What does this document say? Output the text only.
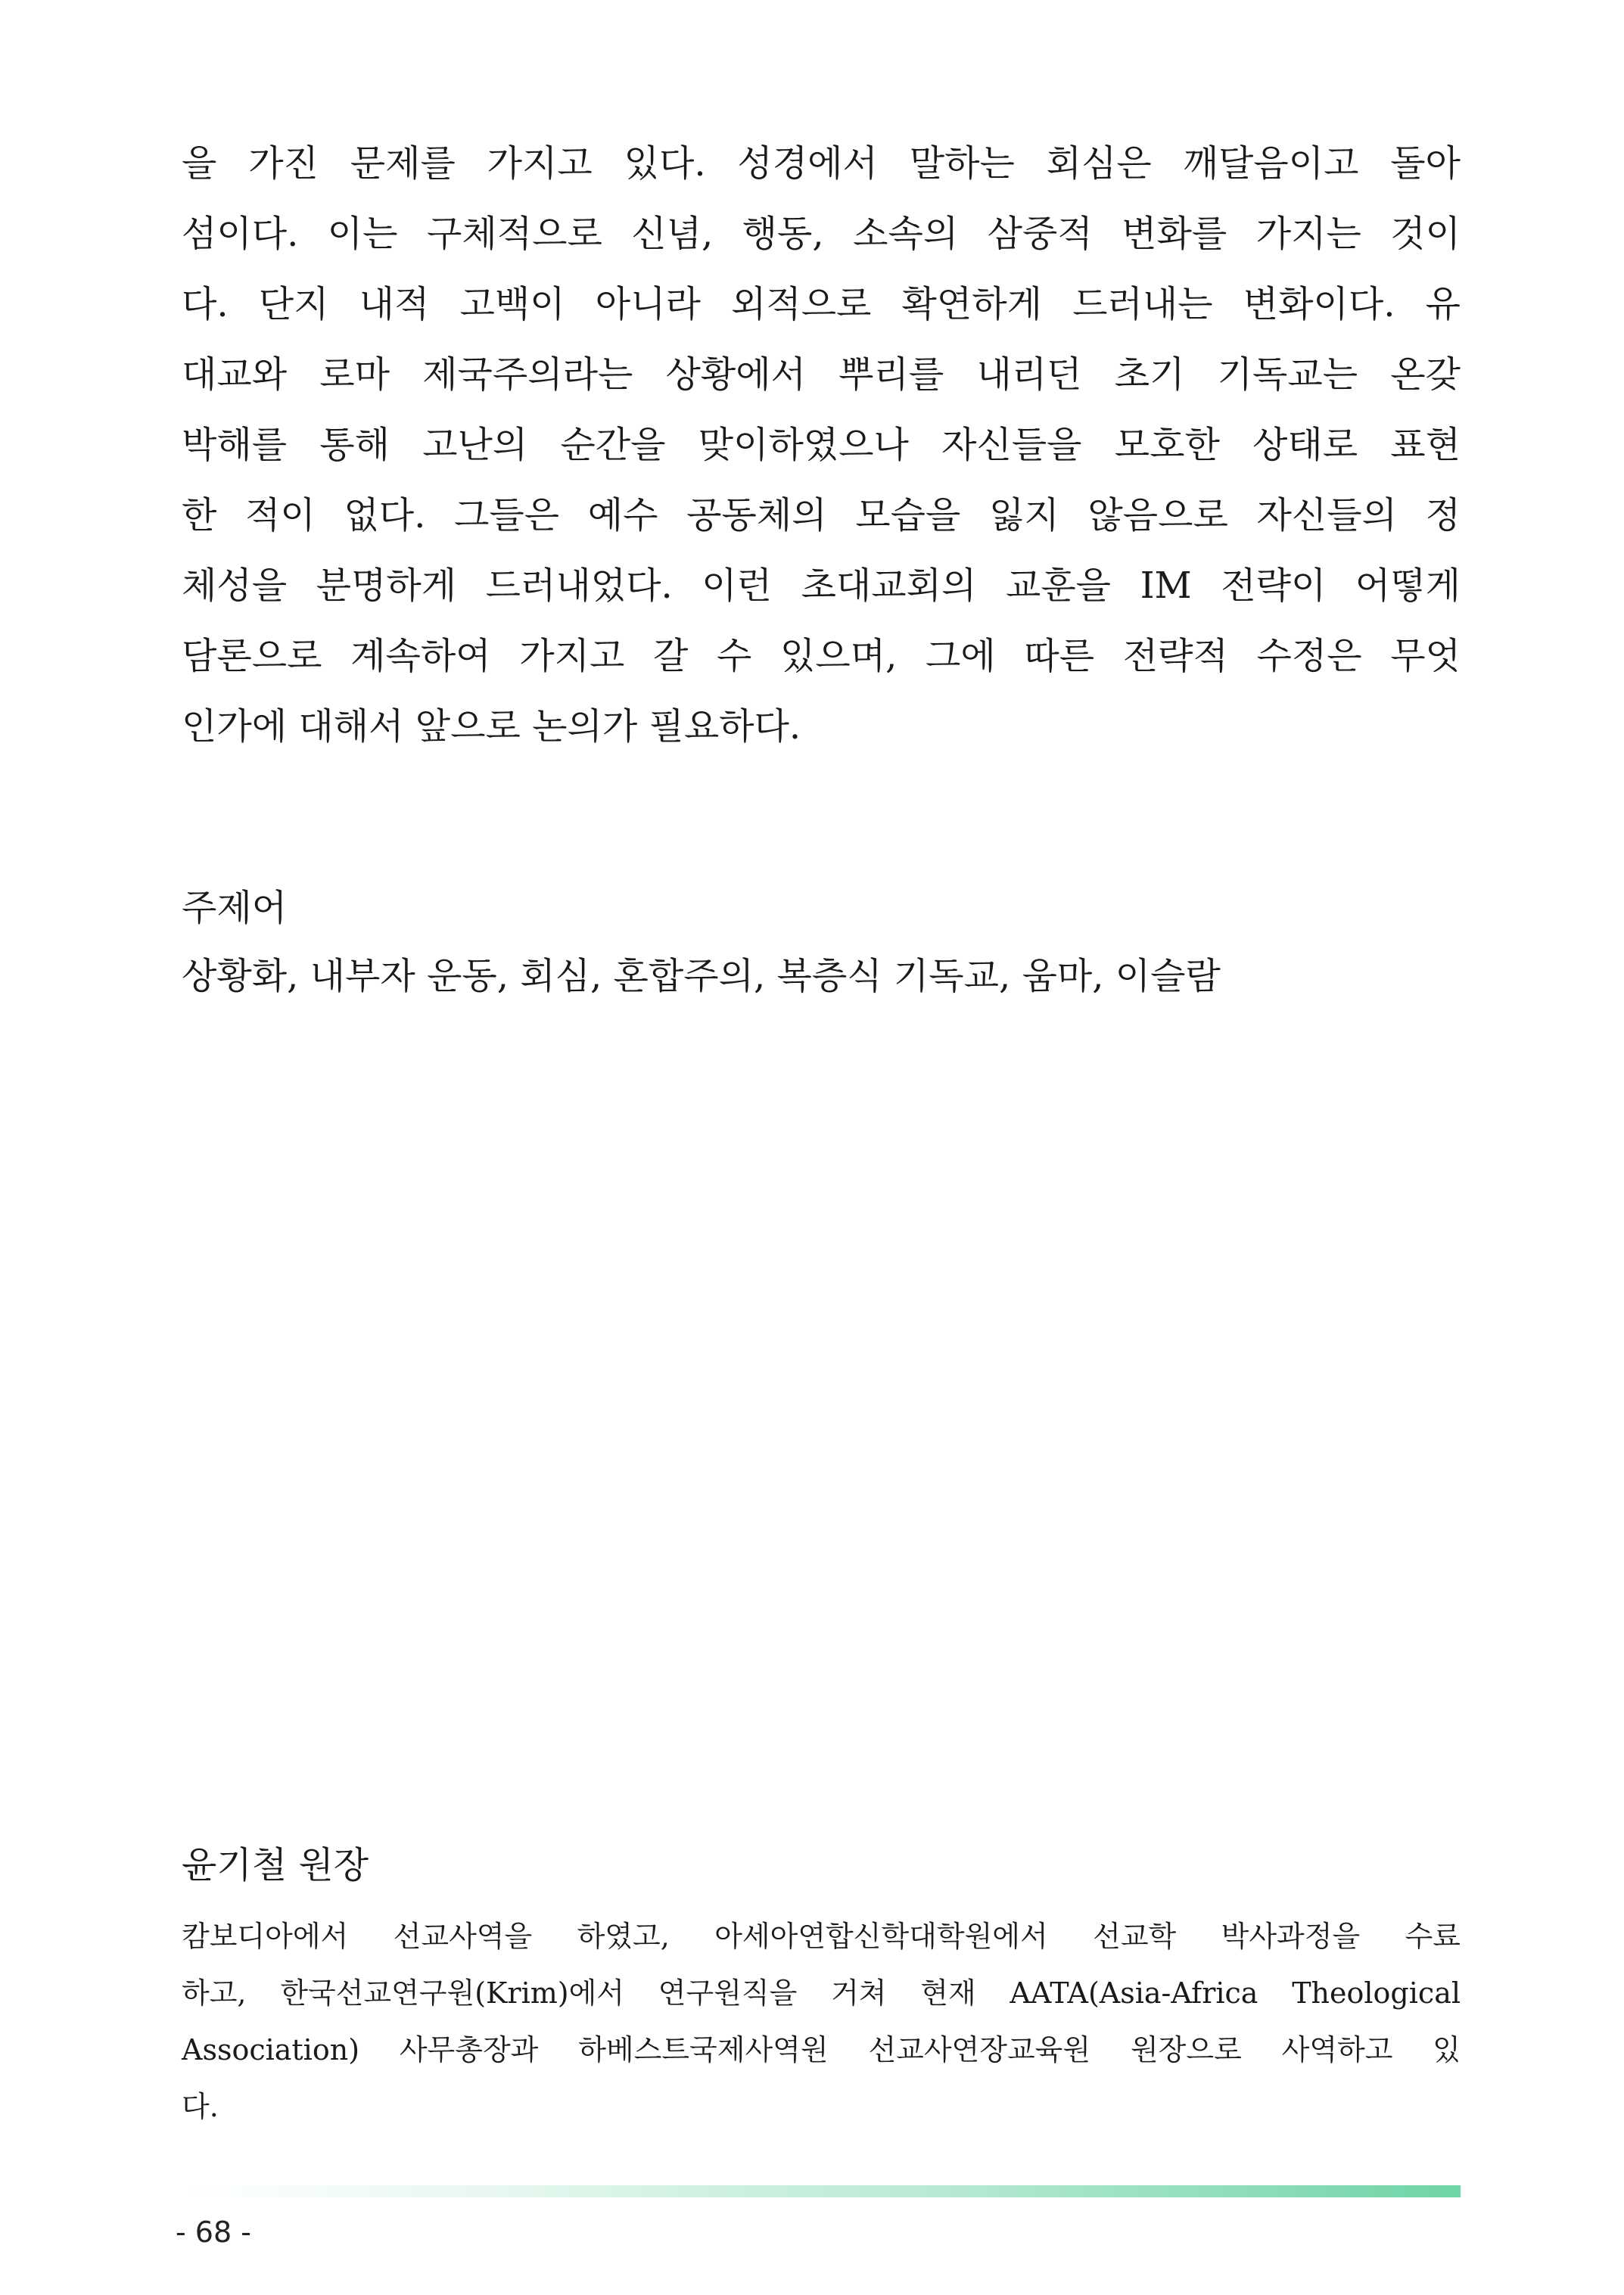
을 가진 문제를 가지고 있다. 성경에서 말하는 회심은 깨달음이고 돌아
섬이다. 이는 구체적으로 신념, 행동, 소속의 삼중적 변화를 가지는 것이
다. 단지 내적 고백이 아니라 외적으로 확연하게 드러내는 변화이다. 유
대교와 로마 제국주의라는 상황에서 뿌리를 내리던 초기 기독교는 온갖
박해를 통해 고난의 순간을 맞이하였으나 자신들을 모호한 상태로 표현
한 적이 없다. 그들은 예수 공동체의 모습을 잃지 않음으로 자신들의 정
체성을 분명하게 드러내었다. 이런 초대교회의 교훈을 IM 전략이 어떻게
담론으로 계속하여 가지고 갈 수 있으며, 그에 따른 전략적 수정은 무엇
인가에 대해서 앞으로 논의가 필요하다.

주제어

상황화, 내부자 운동, 회심, 혼합주의, 복층식 기독교, 움마, 이슬람

윤기철 원장

캄보디아에서 선교사역을 하였고, 아세아연합신학대학원에서 선교학 박사과정을 수료
하고, 한국선교연구원(Krim)에서 연구원직을 거쳐 현재 AATA(Asia-Africa Theological
Association) 사무총장과 하베스트국제사역원 선교사연장교육원 원장으로 사역하고 있
다.

- 68 -
